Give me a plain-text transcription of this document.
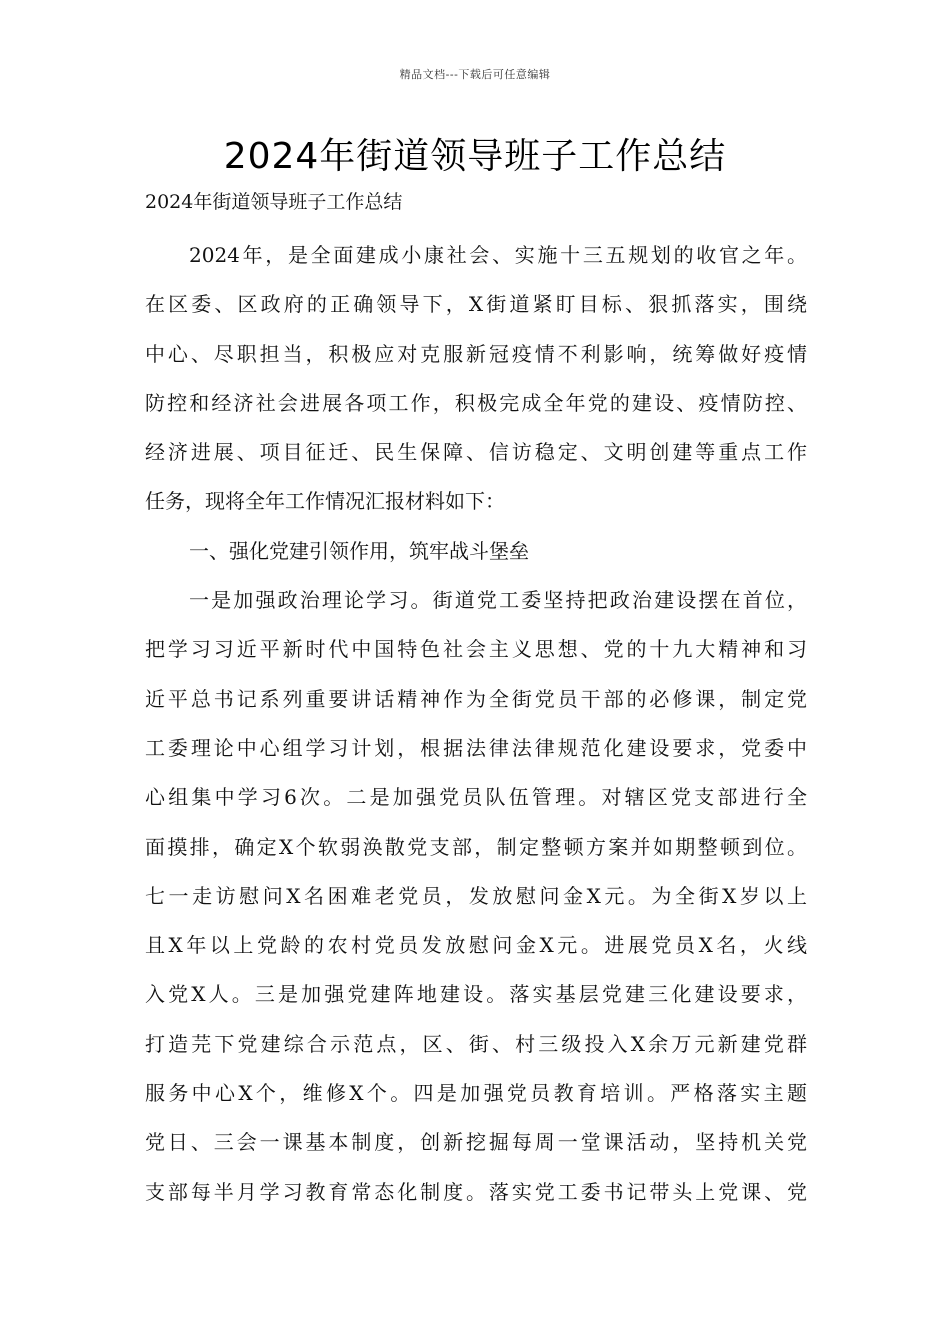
精品文档---下载后可任意编辑
2024年街道领导班子工作总结
2024年街道领导班子工作总结
2024年，是全面建成小康社会、实施十三五规划的收官之年。
在区委、区政府的正确领导下，X街道紧盯目标、狠抓落实，围绕
中心、尽职担当，积极应对克服新冠疫情不利影响，统筹做好疫情
防控和经济社会进展各项工作，积极完成全年党的建设、疫情防控、
经济进展、项目征迁、民生保障、信访稳定、文明创建等重点工作
任务，现将全年工作情况汇报材料如下：
一、强化党建引领作用，筑牢战斗堡垒
一是加强政治理论学习。街道党工委坚持把政治建设摆在首位，
把学习习近平新时代中国特色社会主义思想、党的十九大精神和习
近平总书记系列重要讲话精神作为全街党员干部的必修课，制定党
工委理论中心组学习计划，根据法律法律规范化建设要求，党委中
心组集中学习6次。二是加强党员队伍管理。对辖区党支部进行全
面摸排，确定X个软弱涣散党支部，制定整顿方案并如期整顿到位。
七一走访慰问X名困难老党员，发放慰问金X元。为全街X岁以上
且X年以上党龄的农村党员发放慰问金X元。进展党员X名，火线
入党X人。三是加强党建阵地建设。落实基层党建三化建设要求，
打造芫下党建综合示范点，区、街、村三级投入X余万元新建党群
服务中心X个，维修X个。四是加强党员教育培训。严格落实主题
党日、三会一课基本制度，创新挖掘每周一堂课活动，坚持机关党
支部每半月学习教育常态化制度。落实党工委书记带头上党课、党
